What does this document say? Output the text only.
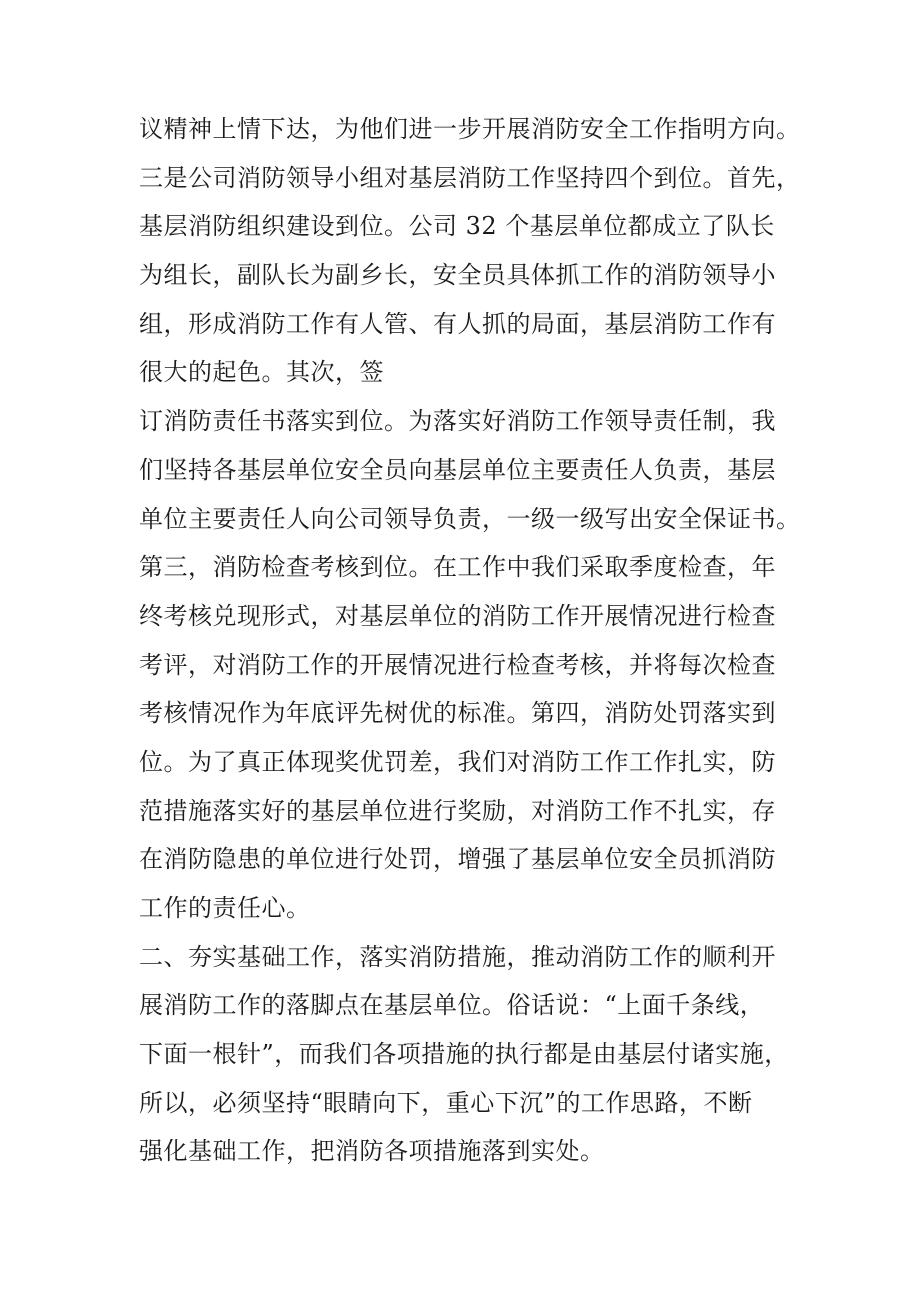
议精神上情下达，为他们进一步开展消防安全工作指明方向。
三是公司消防领导小组对基层消防工作坚持四个到位。首先，
基层消防组织建设到位。公司 32 个基层单位都成立了队长
为组长，副队长为副乡长，安全员具体抓工作的消防领导小
组，形成消防工作有人管、有人抓的局面，基层消防工作有
很大的起色。其次，签
订消防责任书落实到位。为落实好消防工作领导责任制，我
们坚持各基层单位安全员向基层单位主要责任人负责，基层
单位主要责任人向公司领导负责，一级一级写出安全保证书。
第三，消防检查考核到位。在工作中我们采取季度检查，年
终考核兑现形式，对基层单位的消防工作开展情况进行检查
考评，对消防工作的开展情况进行检查考核，并将每次检查
考核情况作为年底评先树优的标准。第四，消防处罚落实到
位。为了真正体现奖优罚差，我们对消防工作工作扎实，防
范措施落实好的基层单位进行奖励，对消防工作不扎实，存
在消防隐患的单位进行处罚，增强了基层单位安全员抓消防
工作的责任心。
二、夯实基础工作，落实消防措施，推动消防工作的顺利开
展消防工作的落脚点在基层单位。俗话说：“上面千条线，
下面一根针”，而我们各项措施的执行都是由基层付诸实施，
所以，必须坚持“眼睛向下，重心下沉”的工作思路，不断
强化基础工作，把消防各项措施落到实处。
